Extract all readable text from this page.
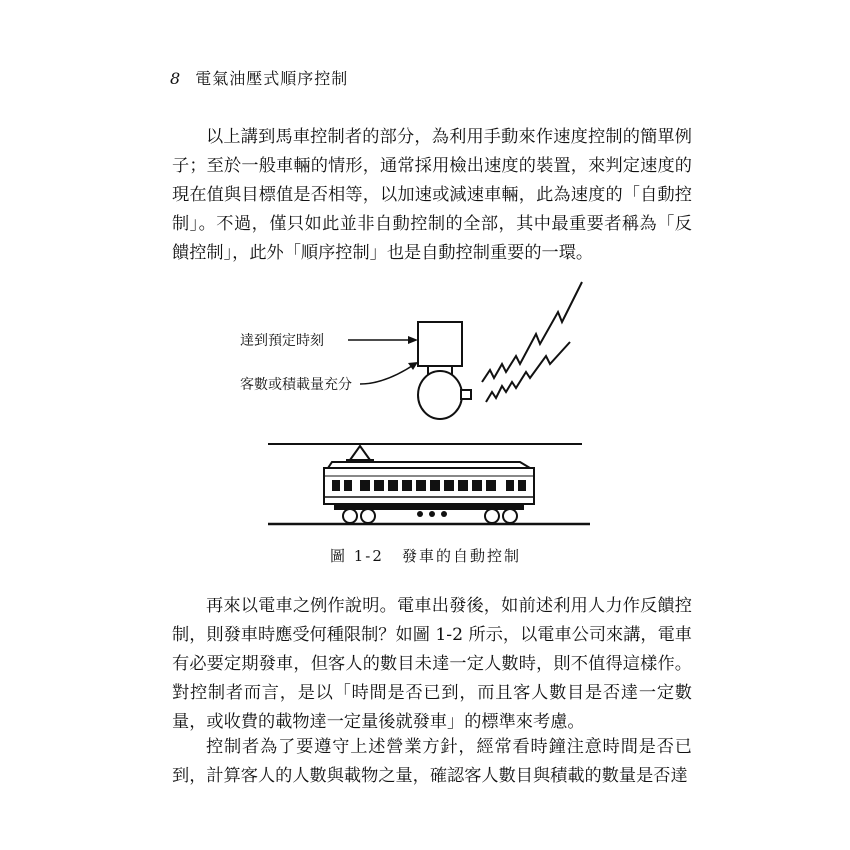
8 電氣油壓式順序控制
以上講到馬車控制者的部分，為利用手動來作速度控制的簡單例子；至於一般車輛的情形，通常採用檢出速度的裝置，來判定速度的現在值與目標值是否相等，以加速或減速車輛，此為速度的「自動控制」。不過，僅只如此並非自動控制的全部，其中最重要者稱為「反饋控制」，此外「順序控制」也是自動控制重要的一環。
達到預定時刻
客數或積載量充分
圖 1-2 發車的自動控制
再來以電車之例作說明。電車出發後，如前述利用人力作反饋控制，則發車時應受何種限制？如圖 1-2 所示，以電車公司來講，電車有必要定期發車，但客人的數目未達一定人數時，則不值得這樣作。對控制者而言，是以「時間是否已到，而且客人數目是否達一定數量，或收費的載物達一定量後就發車」的標準來考慮。
控制者為了要遵守上述營業方針，經常看時鐘注意時間是否已到，計算客人的人數與載物之量，確認客人數目與積載的數量是否達
